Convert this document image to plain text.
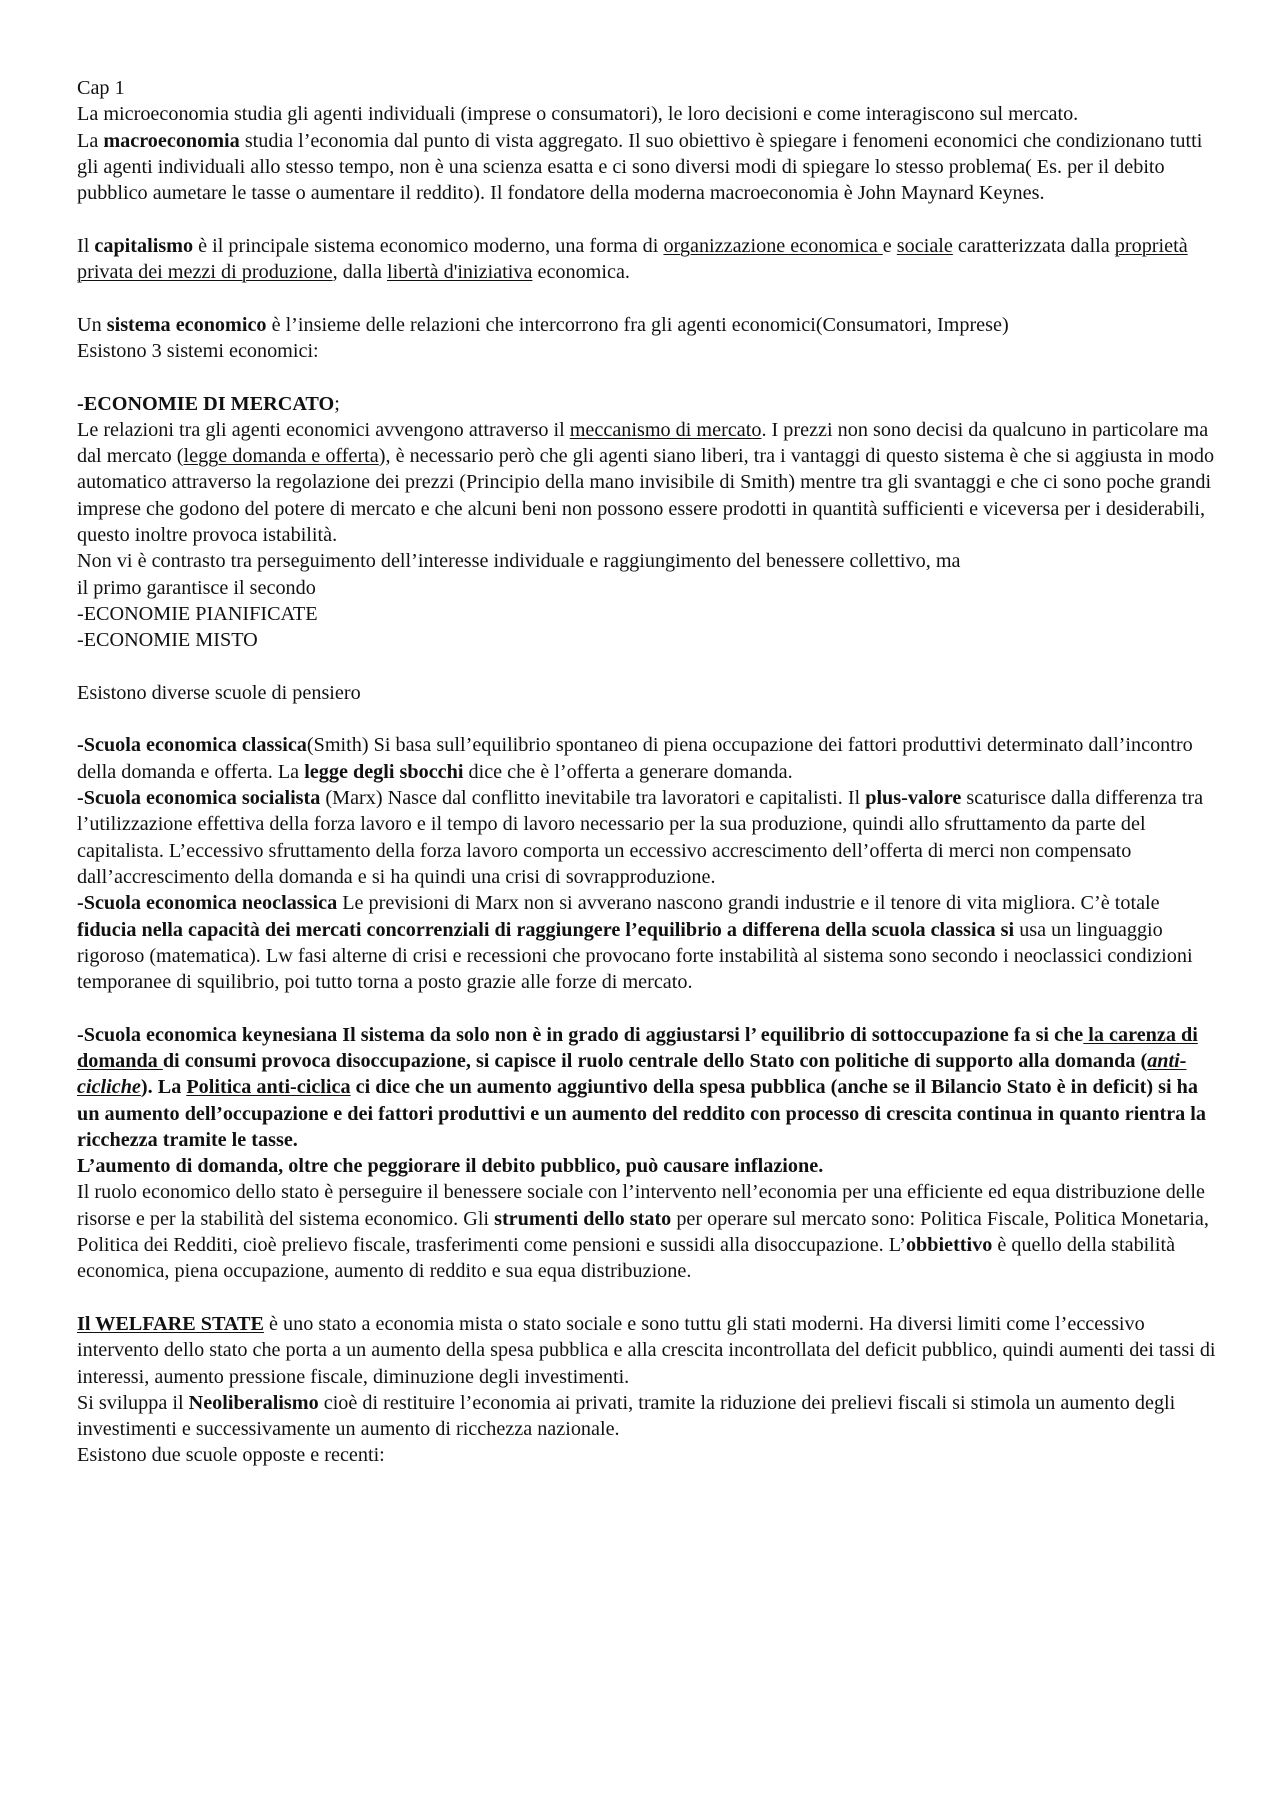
Cap 1

La microeconomia studia gli agenti individuali (imprese o consumatori), le loro decisioni e come interagiscono sul mercato.

La macroeconomia studia l’economia dal punto di vista aggregato. Il suo obiettivo è spiegare i fenomeni economici che condizionano tutti gli agenti individuali allo stesso tempo, non è una scienza esatta e ci sono diversi modi di spiegare lo stesso problema( Es. per il debito pubblico aumetare le tasse o aumentare il reddito). Il fondatore della moderna macroeconomia è John Maynard Keynes.

Il capitalismo è il principale sistema economico moderno, una forma di organizzazione economica e sociale caratterizzata dalla proprietà privata dei mezzi di produzione, dalla libertà d'iniziativa economica.

Un sistema economico è l’insieme delle relazioni che intercorrono fra gli agenti economici(Consumatori, Imprese)

Esistono 3 sistemi economici:

-ECONOMIE DI MERCATO;

Le relazioni tra gli agenti economici avvengono attraverso il meccanismo di mercato. I prezzi non sono decisi da qualcuno in particolare ma dal mercato (legge domanda e offerta), è necessario però che gli agenti siano liberi, tra i vantaggi di questo sistema è che si aggiusta in modo automatico attraverso la regolazione dei prezzi (Principio della mano invisibile di Smith) mentre tra gli svantaggi e che ci sono poche grandi imprese che godono del potere di mercato e che alcuni beni non possono essere prodotti in quantità sufficienti e viceversa per i desiderabili, questo inoltre provoca istabilità.

Non vi è contrasto tra perseguimento dell’interesse individuale e raggiungimento del benessere collettivo, ma

il primo garantisce il secondo

-ECONOMIE PIANIFICATE

-ECONOMIE MISTO

Esistono diverse scuole di pensiero

-Scuola economica classica(Smith) Si basa sull’equilibrio spontaneo di piena occupazione dei fattori produttivi determinato dall’incontro della domanda e offerta. La legge degli sbocchi dice che è l’offerta a generare domanda.

-Scuola economica socialista (Marx) Nasce dal conflitto inevitabile tra lavoratori e capitalisti. Il plus-valore scaturisce dalla differenza tra l’utilizzazione effettiva della forza lavoro e il tempo di lavoro necessario per la sua produzione, quindi allo sfruttamento da parte del capitalista. L’eccessivo sfruttamento della forza lavoro comporta un eccessivo accrescimento dell’offerta di merci non compensato dall’accrescimento della domanda e si ha quindi una crisi di sovrapproduzione.

-Scuola economica neoclassica Le previsioni di Marx non si avverano nascono grandi industrie e il tenore di vita migliora. C’è totale fiducia nella capacità dei mercati concorrenziali di raggiungere l’equilibrio a differena della scuola classica si usa un linguaggio rigoroso (matematica). Lw fasi alterne di crisi e recessioni che provocano forte instabilità al sistema sono secondo i neoclassici condizioni temporanee di squilibrio, poi tutto torna a posto grazie alle forze di mercato.

-Scuola economica keynesiana Il sistema da solo non è in grado di aggiustarsi l’ equilibrio di sottoccupazione fa si che la carenza di domanda di consumi provoca disoccupazione, si capisce il ruolo centrale dello Stato con politiche di supporto alla domanda (anti-cicliche). La Politica anti-ciclica ci dice che un aumento aggiuntivo della spesa pubblica (anche se il Bilancio Stato è in deficit) si ha un aumento dell’occupazione e dei fattori produttivi e un aumento del reddito con processo di crescita continua in quanto rientra la ricchezza tramite le tasse.

L’aumento di domanda, oltre che peggiorare il debito pubblico, può causare inflazione.

Il ruolo economico dello stato è perseguire il benessere sociale con l’intervento nell’economia per una efficiente ed equa distribuzione delle risorse e per la stabilità del sistema economico. Gli strumenti dello stato per operare sul mercato sono: Politica Fiscale, Politica Monetaria, Politica dei Redditi, cioè prelievo fiscale, trasferimenti come pensioni e sussidi alla disoccupazione. L’obbiettivo è quello della stabilità economica, piena occupazione, aumento di reddito e sua equa distribuzione.

Il WELFARE STATE è uno stato a economia mista o stato sociale e sono tuttu gli stati moderni. Ha diversi limiti come l’eccessivo intervento dello stato che porta a un aumento della spesa pubblica e alla crescita incontrollata del deficit pubblico, quindi aumenti dei tassi di interessi, aumento pressione fiscale, diminuzione degli investimenti.

Si sviluppa il Neoliberalismo cioè di restituire l’economia ai privati, tramite la riduzione dei prelievi fiscali si stimola un aumento degli investimenti e successivamente un aumento di ricchezza nazionale.

Esistono due scuole opposte e recenti:
